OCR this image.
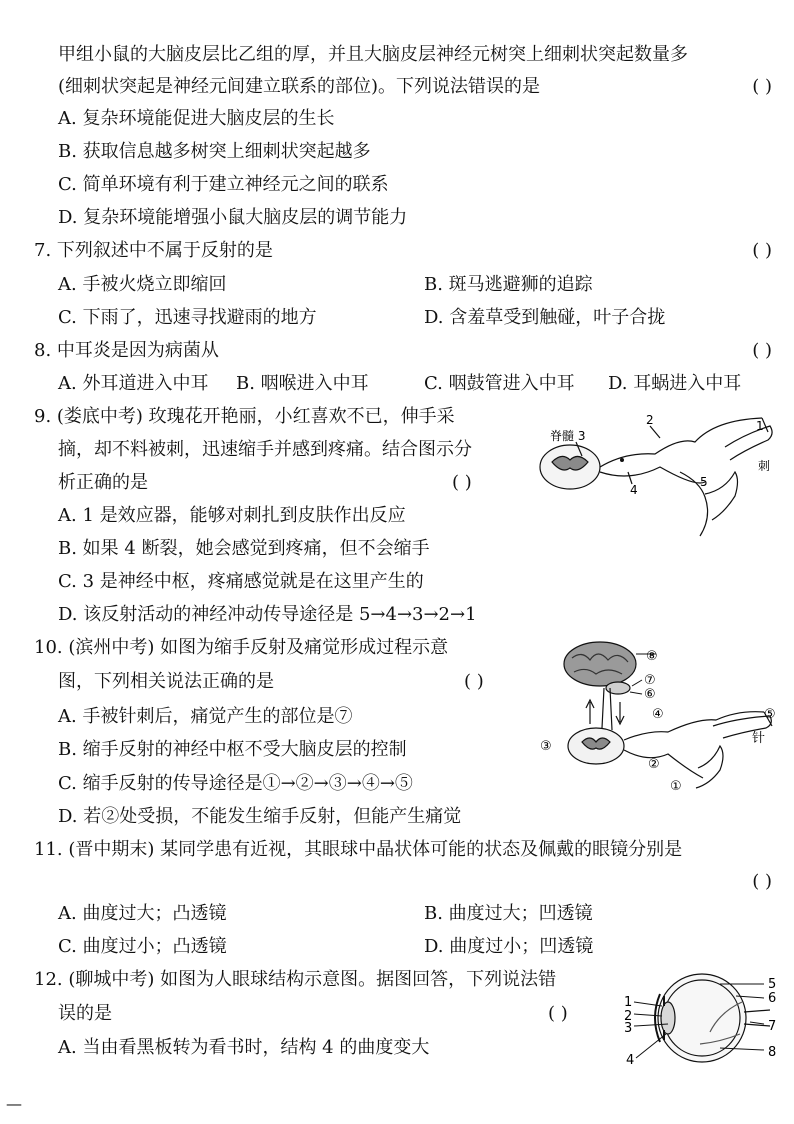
甲组小鼠的大脑皮层比乙组的厚，并且大脑皮层神经元树突上细刺状突起数量多
(细刺状突起是神经元间建立联系的部位)。下列说法错误的是	( )
A. 复杂环境能促进大脑皮层的生长
B. 获取信息越多树突上细刺状突起越多
C. 简单环境有利于建立神经元之间的联系
D. 复杂环境能增强小鼠大脑皮层的调节能力
7. 下列叙述中不属于反射的是	( )
A. 手被火烧立即缩回	B. 斑马逃避狮的追踪
C. 下雨了，迅速寻找避雨的地方	D. 含羞草受到触碰，叶子合拢
8. 中耳炎是因为病菌从	( )
A. 外耳道进入中耳 B. 咽喉进入中耳	C. 咽鼓管进入中耳 D. 耳蜗进入中耳
9. (娄底中考) 玫瑰花开艳丽，小红喜欢不已，伸手采
摘，却不料被刺，迅速缩手并感到疼痛。结合图示分
析正确的是	( )
A. 1 是效应器，能够对刺扎到皮肤作出反应
B. 如果 4 断裂，她会感觉到疼痛，但不会缩手
C. 3 是神经中枢，疼痛感觉就是在这里产生的
D. 该反射活动的神经冲动传导途径是 5→4→3→2→1
脊髓 3
2	1
刺
4
5
10. (滨州中考) 如图为缩手反射及痛觉形成过程示意
图，下列相关说法正确的是	( )
A. 手被针刺后，痛觉产生的部位是⑦
B. 缩手反射的神经中枢不受大脑皮层的控制
C. 缩手反射的传导途径是①→②→③→④→⑤
D. 若②处受损，不能发生缩手反射，但能产生痛觉
⑧
⑦
⑥
④	⑤
针
③
②
①
11. (晋中期末) 某同学患有近视，其眼球中晶状体可能的状态及佩戴的眼镜分别是
( )
A. 曲度过大；凸透镜	B. 曲度过大；凹透镜
C. 曲度过小；凸透镜	D. 曲度过小；凹透镜
12. (聊城中考) 如图为人眼球结构示意图。据图回答，下列说法错
误的是	( )
A. 当由看黑板转为看书时，结构 4 的曲度变大
1
2
3
4
5
6
7
8
—
